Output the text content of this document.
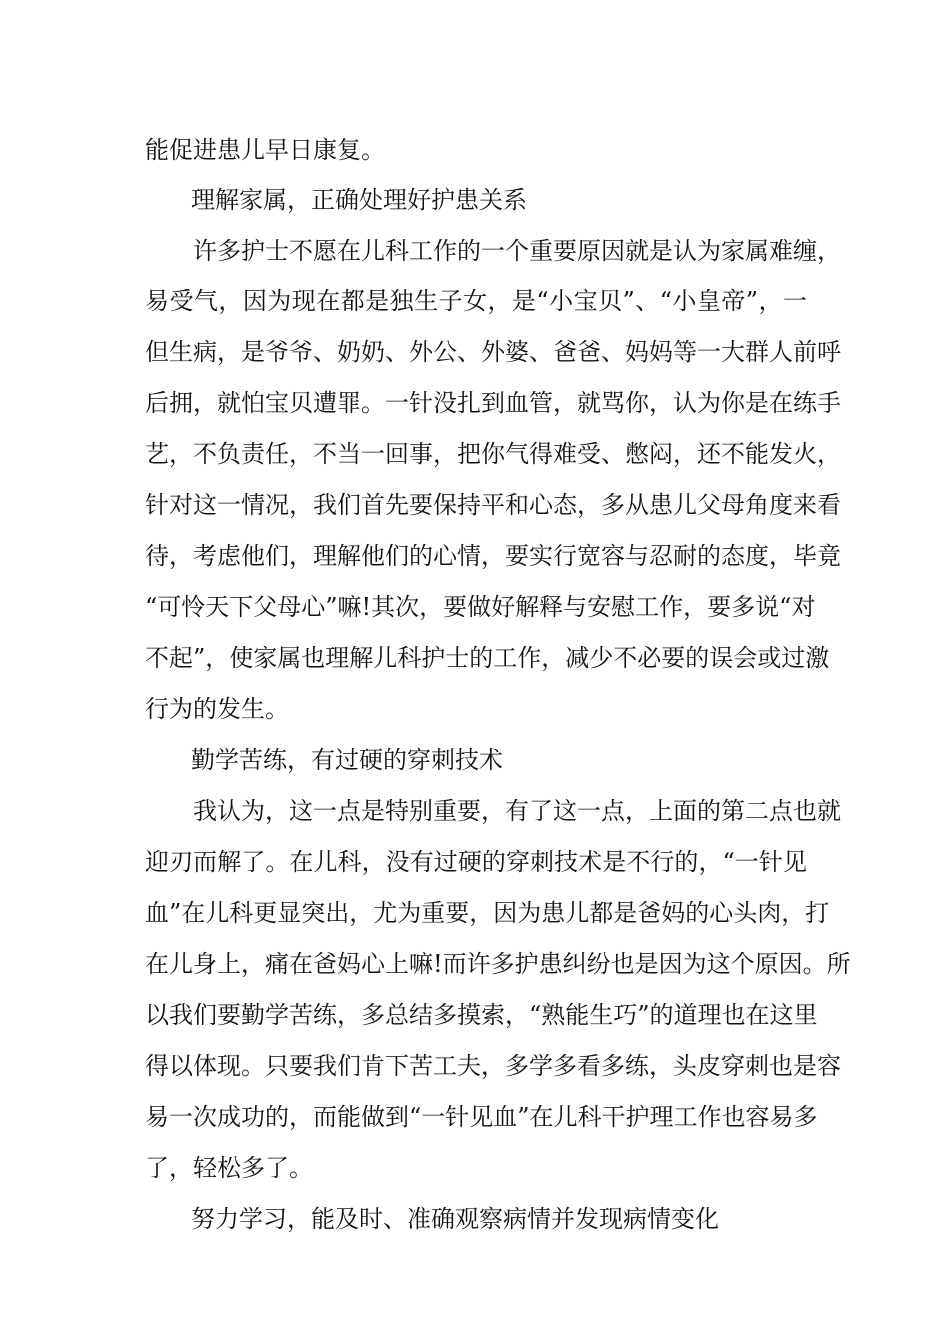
能促进患儿早日康复。
理解家属，正确处理好护患关系
许多护士不愿在儿科工作的一个重要原因就是认为家属难缠，
易受气，因为现在都是独生子女，是“小宝贝”、“小皇帝”，一
但生病，是爷爷、奶奶、外公、外婆、爸爸、妈妈等一大群人前呼
后拥，就怕宝贝遭罪。一针没扎到血管，就骂你，认为你是在练手
艺，不负责任，不当一回事，把你气得难受、憋闷，还不能发火，
针对这一情况，我们首先要保持平和心态，多从患儿父母角度来看
待，考虑他们，理解他们的心情，要实行宽容与忍耐的态度，毕竟
“可怜天下父母心”嘛!其次，要做好解释与安慰工作，要多说“对
不起”，使家属也理解儿科护士的工作，减少不必要的误会或过激
行为的发生。
勤学苦练，有过硬的穿刺技术
我认为，这一点是特别重要，有了这一点，上面的第二点也就
迎刃而解了。在儿科，没有过硬的穿刺技术是不行的，“一针见
血”在儿科更显突出，尤为重要，因为患儿都是爸妈的心头肉，打
在儿身上，痛在爸妈心上嘛!而许多护患纠纷也是因为这个原因。所
以我们要勤学苦练，多总结多摸索，“熟能生巧”的道理也在这里
得以体现。只要我们肯下苦工夫，多学多看多练，头皮穿刺也是容
易一次成功的，而能做到“一针见血”在儿科干护理工作也容易多
了，轻松多了。
努力学习，能及时、准确观察病情并发现病情变化
